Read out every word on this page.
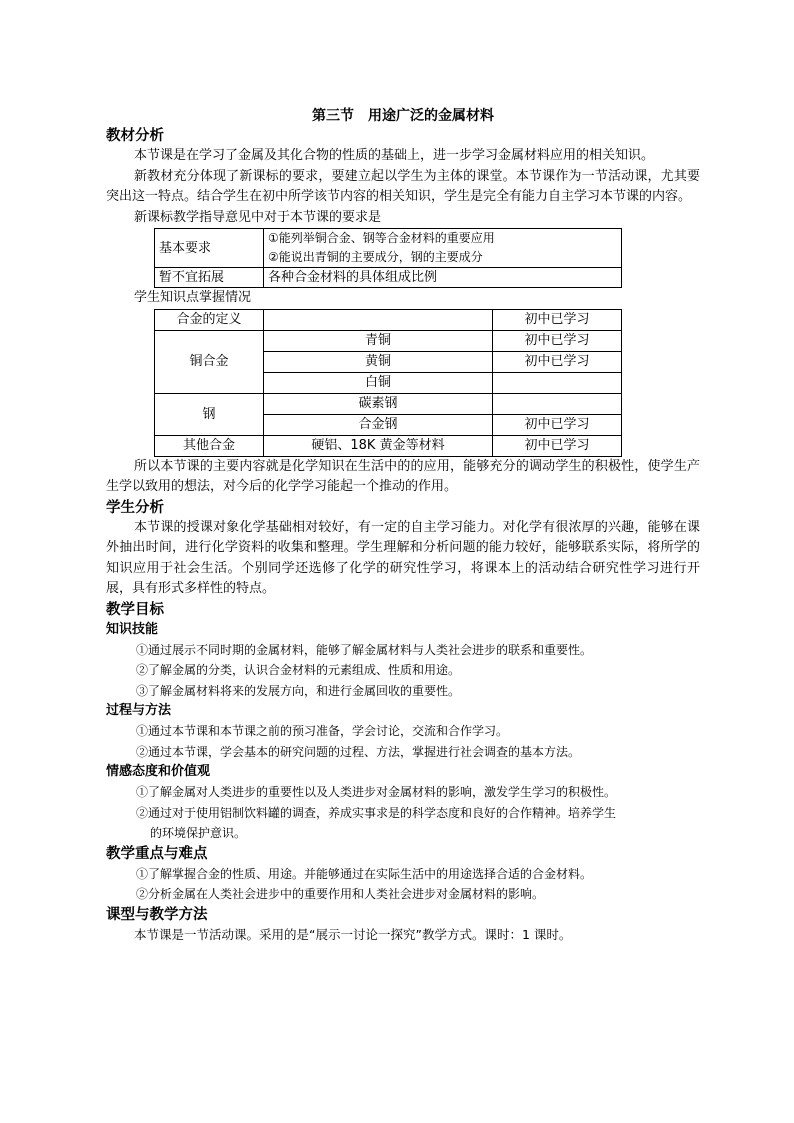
第三节　用途广泛的金属材料
教材分析

本节课是在学习了金属及其化合物的性质的基础上，进一步学习金属材料应用的相关知识。

新教材充分体现了新课标的要求，要建立起以学生为主体的课堂。本节课作为一节活动课，尤其要突出这一特点。结合学生在初中所学该节内容的相关知识，学生是完全有能力自主学习本节课的内容。

新课标教学指导意见中对于本节课的要求是

基本要求	①能列举铜合金、钢等合金材料的重要应用
②能说出青铜的主要成分，钢的主要成分

暂不宜拓展	各种合金材料的具体组成比例

学生知识点掌握情况

合金的定义		初中已学习
铜合金	青铜	初中已学习
	黄铜	初中已学习
	白铜	
钢	碳素钢	
	合金钢	初中已学习
其他合金	硬铝、18K 黄金等材料	初中已学习

所以本节课的主要内容就是化学知识在生活中的的应用，能够充分的调动学生的积极性，使学生产生学以致用的想法，对今后的化学学习能起一个推动的作用。

学生分析

本节课的授课对象化学基础相对较好，有一定的自主学习能力。对化学有很浓厚的兴趣，能够在课外抽出时间，进行化学资料的收集和整理。学生理解和分析问题的能力较好，能够联系实际，将所学的知识应用于社会生活。个别同学还选修了化学的研究性学习，将课本上的活动结合研究性学习进行开展，具有形式多样性的特点。

教学目标
知识技能

①通过展示不同时期的金属材料，能够了解金属材料与人类社会进步的联系和重要性。

②了解金属的分类，认识合金材料的元素组成、性质和用途。

③了解金属材料将来的发展方向，和进行金属回收的重要性。

过程与方法

①通过本节课和本节课之前的预习准备，学会讨论，交流和合作学习。

②通过本节课，学会基本的研究问题的过程、方法，掌握进行社会调查的基本方法。

情感态度和价值观

①了解金属对人类进步的重要性以及人类进步对金属材料的影响，激发学生学习的积极性。

②通过对于使用铝制饮料罐的调查，养成实事求是的科学态度和良好的合作精神。培养学生
的环境保护意识。

教学重点与难点

①了解掌握合金的性质、用途。并能够通过在实际生活中的用途选择合适的合金材料。

②分析金属在人类社会进步中的重要作用和人类社会进步对金属材料的影响。

课型与教学方法

本节课是一节活动课。采用的是“展示一讨论一探究”教学方式。课时：1 课时。
